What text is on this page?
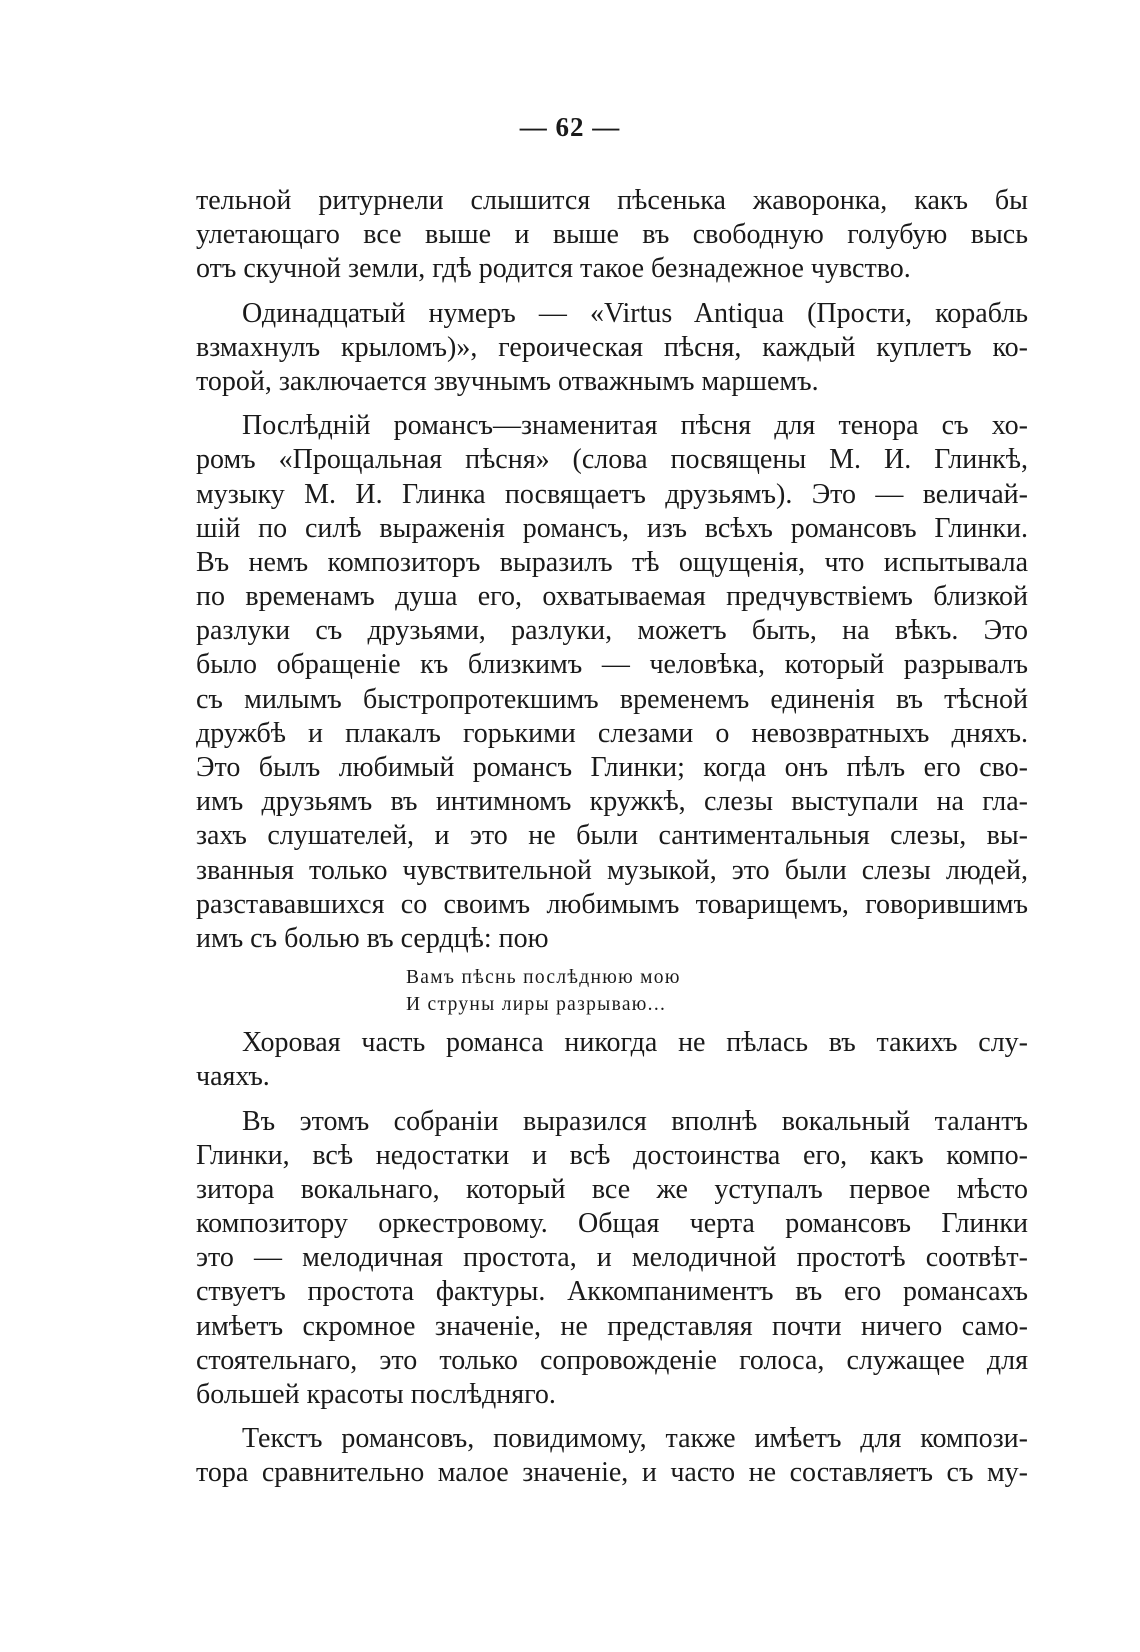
— 62 —
тельной ритурнели слышится пѣсенька жаворонка, какъ бы
улетающаго все выше и выше въ свободную голубую высь
отъ скучной земли, гдѣ родится такое безнадежное чувство.
Одинадцатый нумеръ — «Virtus Antiqua (Прости, корабль
взмахнулъ крыломъ)», героическая пѣсня, каждый куплетъ ко-
торой, заключается звучнымъ отважнымъ маршемъ.
Послѣднiй романсъ—знаменитая пѣсня для тенора съ хо-
ромъ «Прощальная пѣсня» (слова посвящены М. И. Глинкѣ,
музыку М. И. Глинка посвящаетъ друзьямъ). Это — величай-
шiй по силѣ выраженiя романсъ, изъ всѣхъ романсовъ Глинки.
Въ немъ композиторъ выразилъ тѣ ощущенiя, что испытывала
по временамъ душа его, охватываемая предчувствiемъ близкой
разлуки съ друзьями, разлуки, можетъ быть, на вѣкъ. Это
было обращенiе къ близкимъ — человѣка, который разрывалъ
съ милымъ быстропротекшимъ временемъ единенiя въ тѣсной
дружбѣ и плакалъ горькими слезами о невозвратныхъ дняхъ.
Это былъ любимый романсъ Глинки; когда онъ пѣлъ его сво-
имъ друзьямъ въ интимномъ кружкѣ, слезы выступали на гла-
захъ слушателей, и это не были сантиментальныя слезы, вы-
званныя только чувствительной музыкой, это были слезы людей,
разстававшихся со своимъ любимымъ товарищемъ, говорившимъ
имъ съ болью въ сердцѣ: пою
Вамъ пѣснь послѣднюю мою
И струны лиры разрываю...
Хоровая часть романса никогда не пѣлась въ такихъ слу-
чаяхъ.
Въ этомъ собранiи выразился вполнѣ вокальный талантъ
Глинки, всѣ недостатки и всѣ достоинства его, какъ компо-
зитора вокальнаго, который все же уступалъ первое мѣсто
композитору оркестровому. Общая черта романсовъ Глинки
это — мелодичная простота, и мелодичной простотѣ соотвѣт-
ствуетъ простота фактуры. Аккомпаниментъ въ его романсахъ
имѣетъ скромное значенiе, не представляя почти ничего само-
стоятельнаго, это только сопровожденiе голоса, служащее для
большей красоты послѣдняго.
Текстъ романсовъ, повидимому, также имѣетъ для компози-
тора сравнительно малое значенiе, и часто не составляетъ съ му-
